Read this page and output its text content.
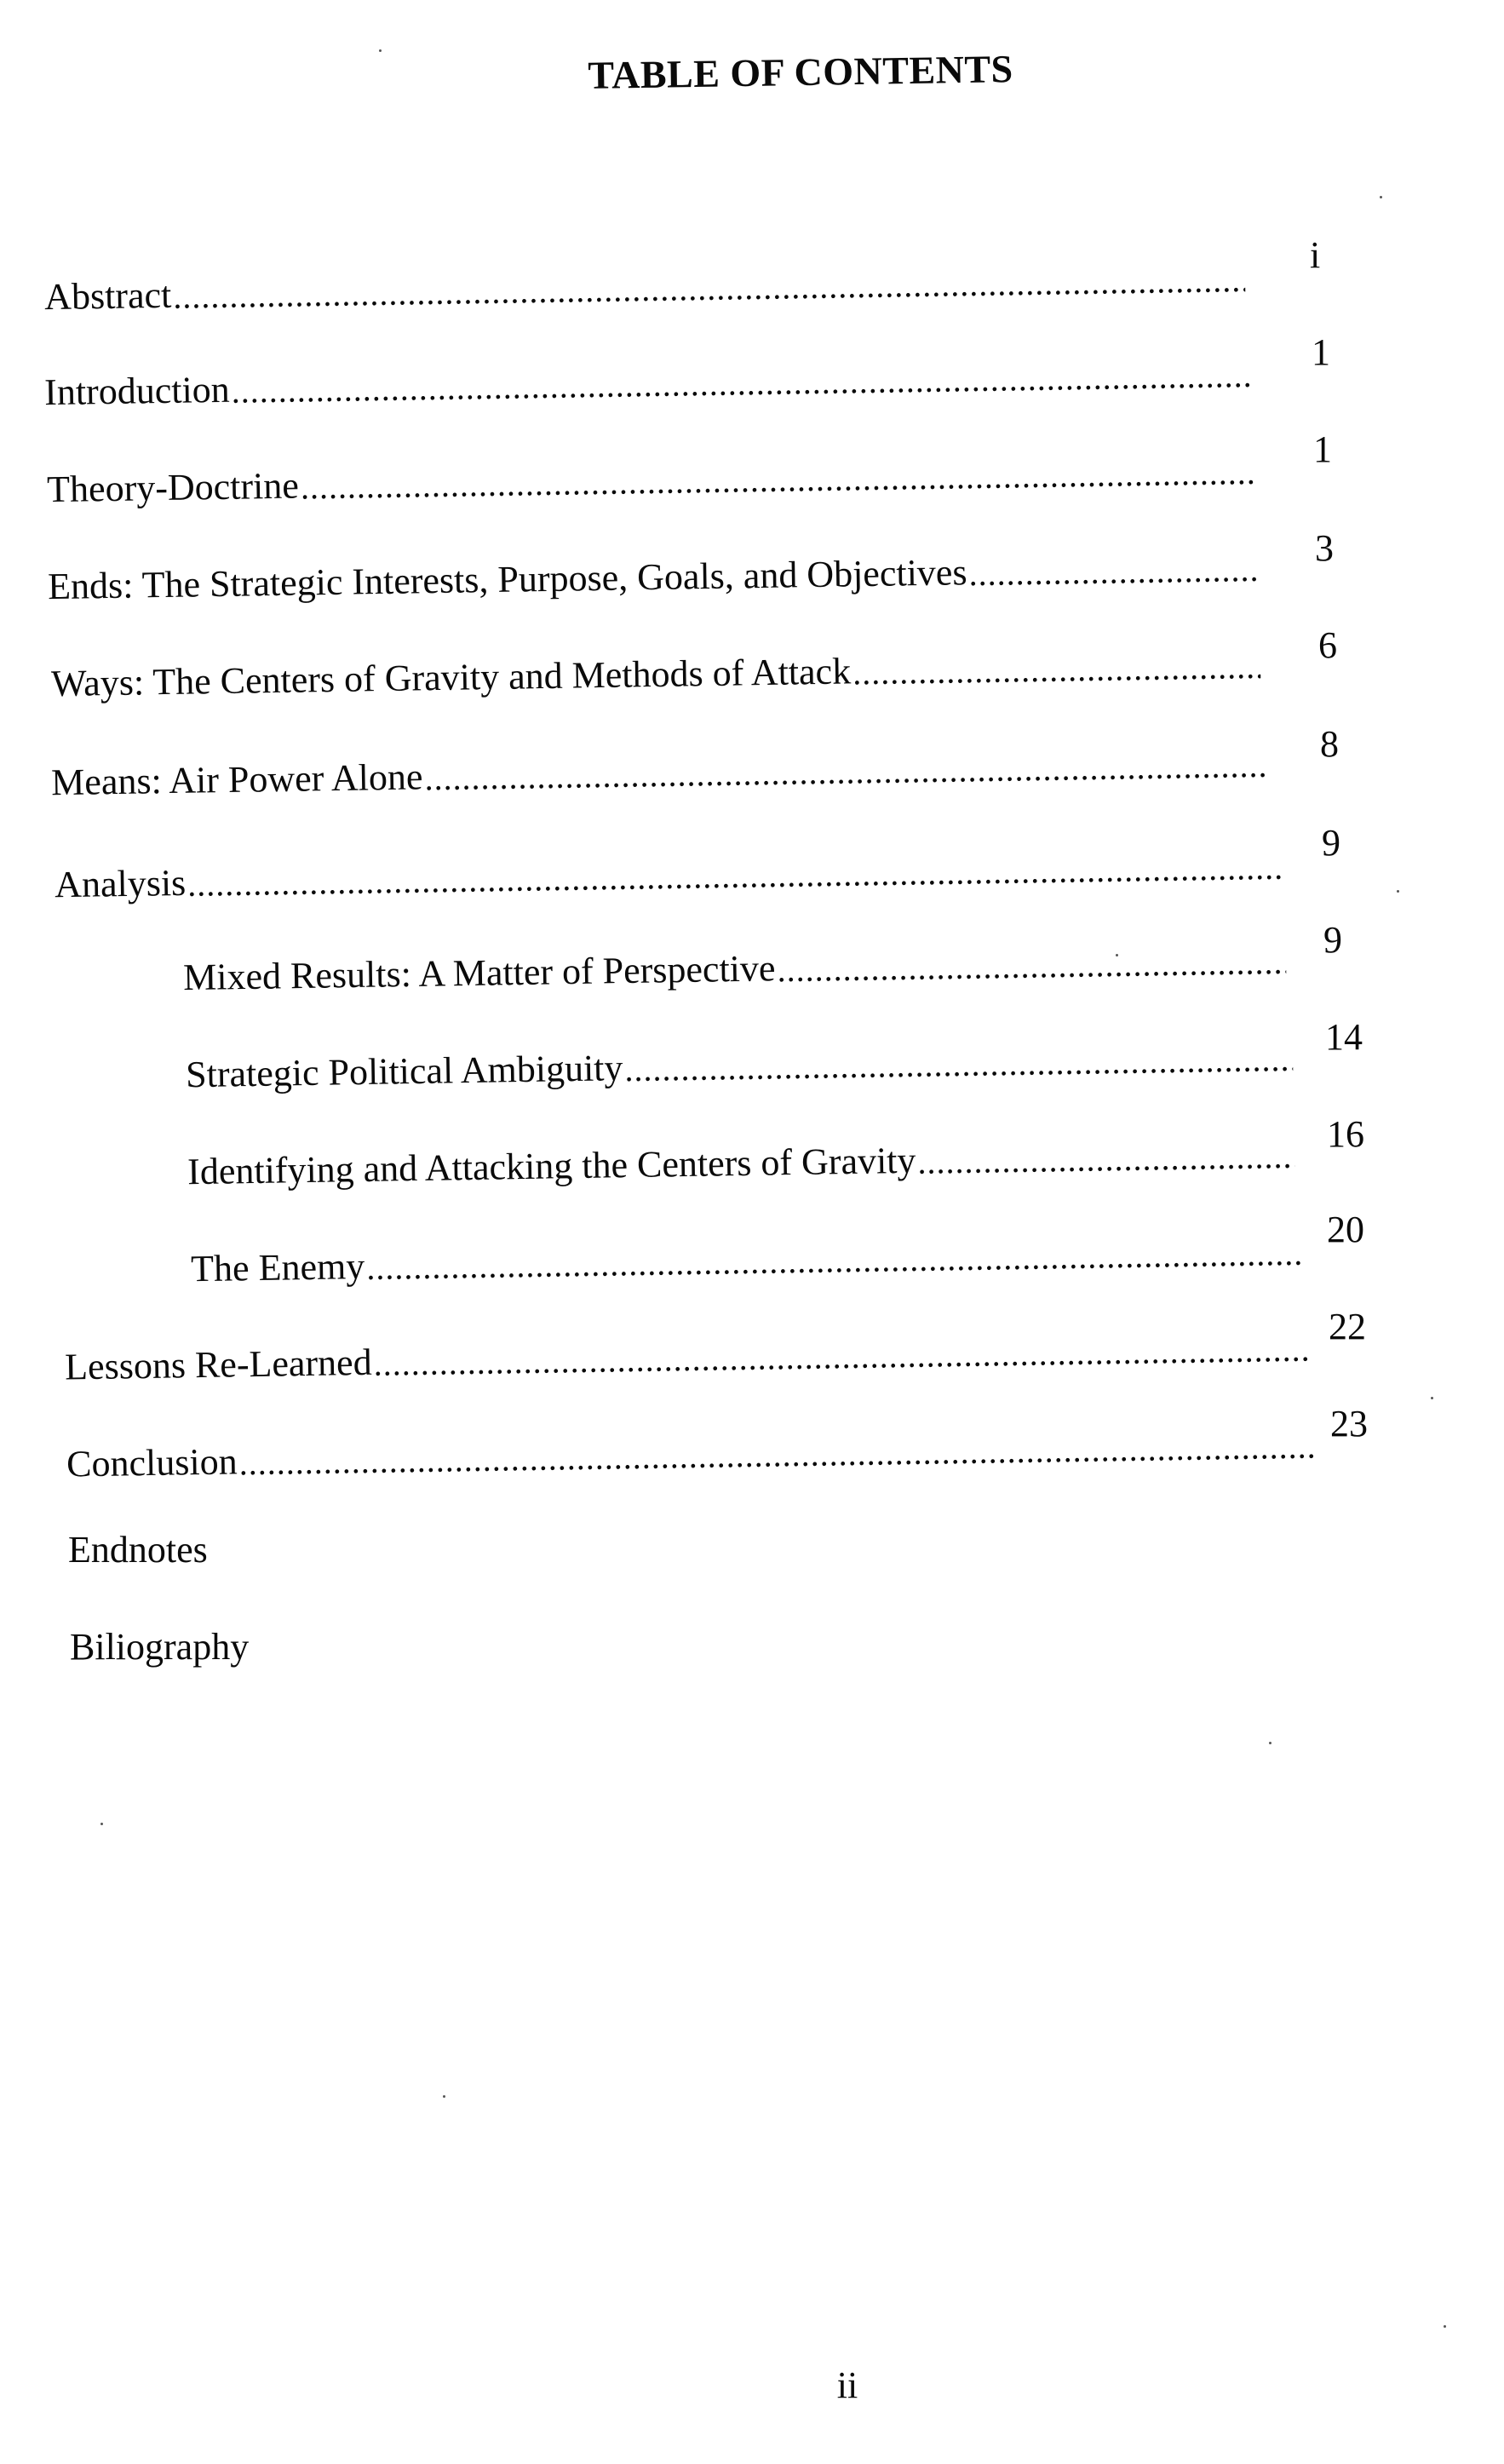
TABLE OF CONTENTS
Abstract
.....
i
Introduction
.....
1
Theory-Doctrine
.....
1
Ends: The Strategic Interests, Purpose, Goals, and Objectives
.....
3
Ways: The Centers of Gravity and Methods of Attack
.....
6
Means: Air Power Alone
.....
8
Analysis
.....
9
Mixed Results: A Matter of Perspective
.....
9
Strategic Political Ambiguity
.....
14
Identifying and Attacking the Centers of Gravity
.....
16
The Enemy
.....
20
Lessons Re-Learned
.....
22
Conclusion
.....
23
Endnotes
Biliography
ii
